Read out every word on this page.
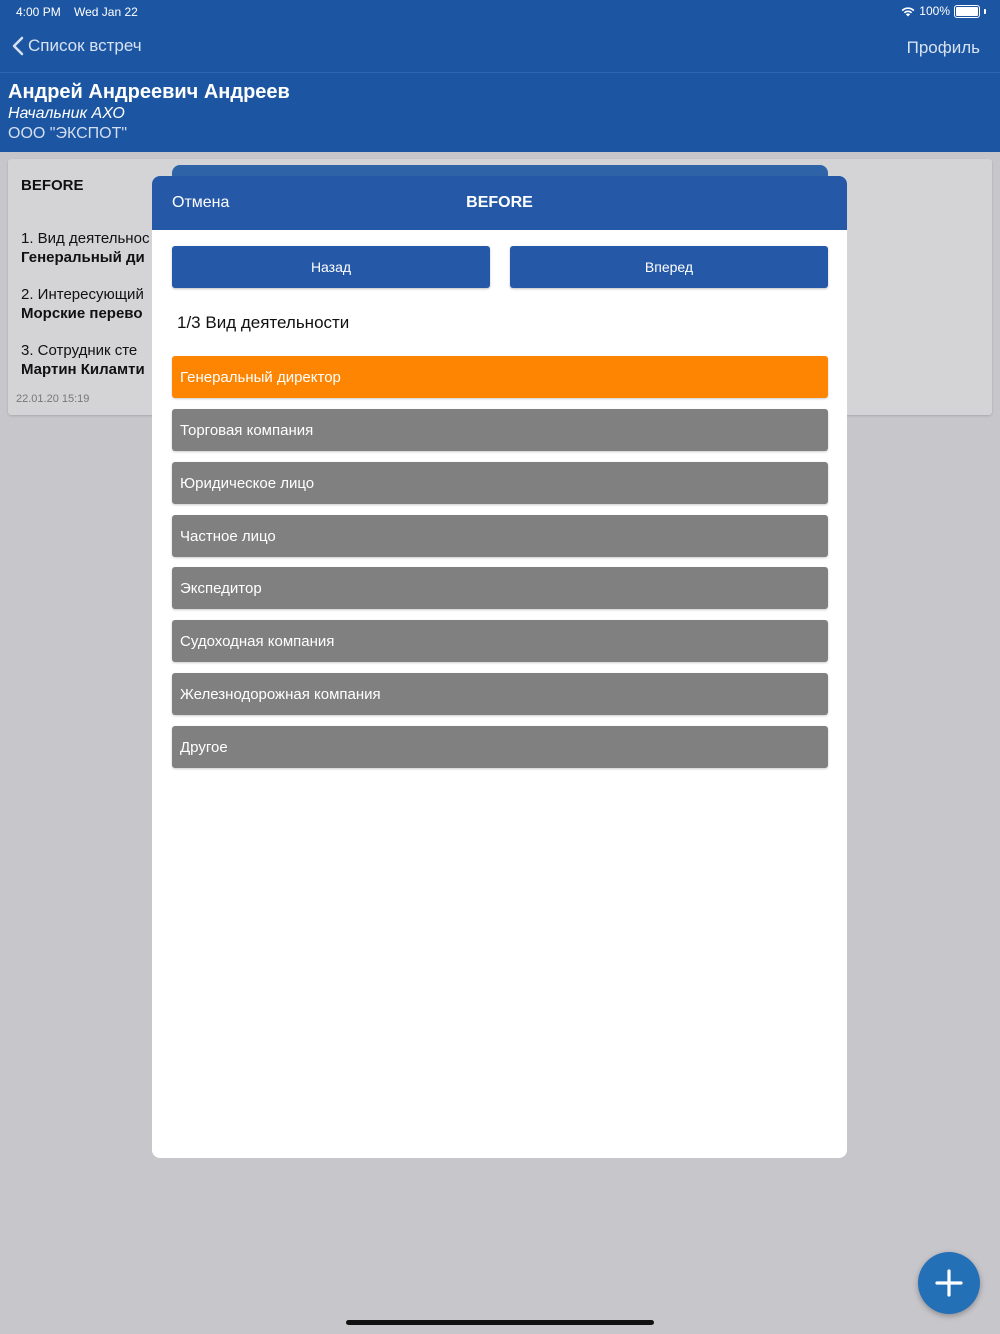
4:00 PM Wed Jan 22	100%
Список встреч	Профиль
Андрей Андреевич Андреев
Начальник АХО
ООО "ЭКСПОТ"
BEFORE
1. Вид деятельнос
Генеральный ди
2. Интересующий
Морские перево
3. Сотрудник сте
Мартин Киламти
22.01.20 15:19
Отмена	BEFORE
Назад	Вперед
1/3 Вид деятельности
Генеральный директор
Торговая компания
Юридическое лицо
Частное лицо
Экспедитор
Судоходная компания
Железнодорожная компания
Другое
